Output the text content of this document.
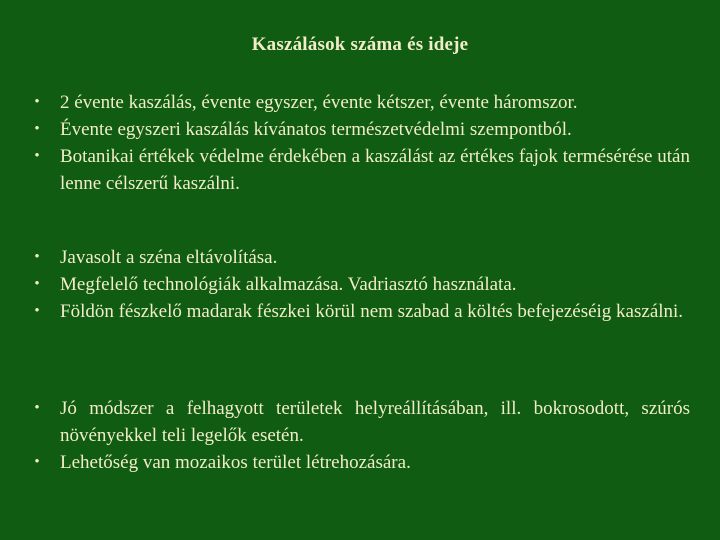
Kaszálások száma és ideje
• 2 évente kaszálás, évente egyszer, évente kétszer, évente háromszor.
• Évente egyszeri kaszálás kívánatos természetvédelmi szempontból.
• Botanikai értékek védelme érdekében a kaszálást az értékes fajok termésérése után lenne célszerű kaszálni.
• Javasolt a széna eltávolítása.
• Megfelelő technológiák alkalmazása. Vadriasztó használata.
• Földön fészkelő madarak fészkei körül nem szabad a költés befejezéséig kaszálni.
• Jó módszer a felhagyott területek helyreállításában, ill. bokrosodott, szúrós növényekkel teli legelők esetén.
• Lehetőség van mozaikos terület létrehozására.
